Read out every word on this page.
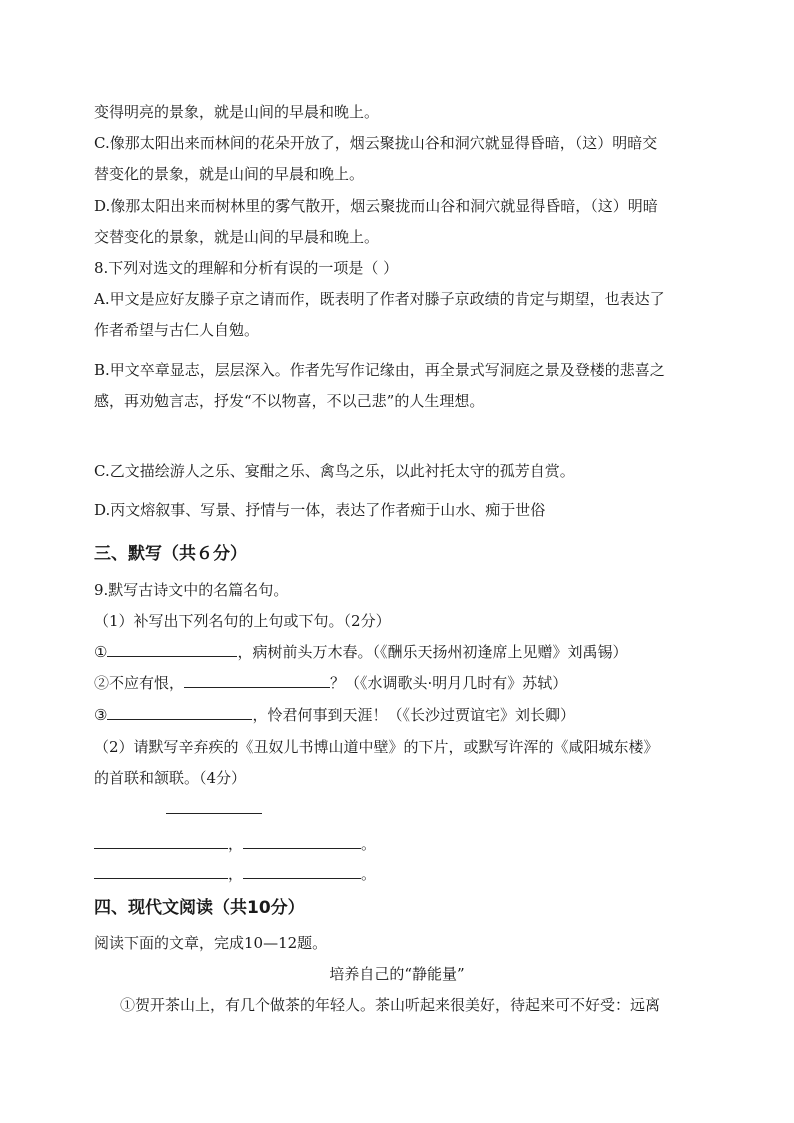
变得明亮的景象，就是山间的早晨和晚上。
C.像那太阳出来而林间的花朵开放了，烟云聚拢山谷和洞穴就显得昏暗，（这）明暗交
替变化的景象，就是山间的早晨和晚上。
D.像那太阳出来而树林里的雾气散开，烟云聚拢而山谷和洞穴就显得昏暗，（这）明暗
交替变化的景象，就是山间的早晨和晚上。
8.下列对选文的理解和分析有误的一项是（ ）
A.甲文是应好友滕子京之请而作，既表明了作者对滕子京政绩的肯定与期望，也表达了
作者希望与古仁人自勉。
B.甲文卒章显志，层层深入。作者先写作记缘由，再全景式写洞庭之景及登楼的悲喜之
感，再劝勉言志，抒发“不以物喜，不以己悲”的人生理想。
C.乙文描绘游人之乐、宴酣之乐、禽鸟之乐，以此衬托太守的孤芳自赏。
D.丙文熔叙事、写景、抒情与一体，表达了作者痴于山水、痴于世俗
三、默写（共６分）
9.默写古诗文中的名篇名句。
（1）补写出下列名句的上句或下句。（2分）
①	，病树前头万木春。（《酬乐天扬州初逢席上见赠》刘禹锡）
②不应有恨，	？（《水调歌头·明月几时有》苏轼）
③	，怜君何事到天涯！（《长沙过贾谊宅》刘长卿）
（2）请默写辛弃疾的《丑奴儿书博山道中壁》的下片，或默写许浑的《咸阳城东楼》
的首联和颔联。（4分）
，	。
，	。
四、现代文阅读（共10分）
阅读下面的文章，完成10—12题。
培养自己的“静能量”
①贺开茶山上，有几个做茶的年轻人。茶山听起来很美好，待起来可不好受：远离
